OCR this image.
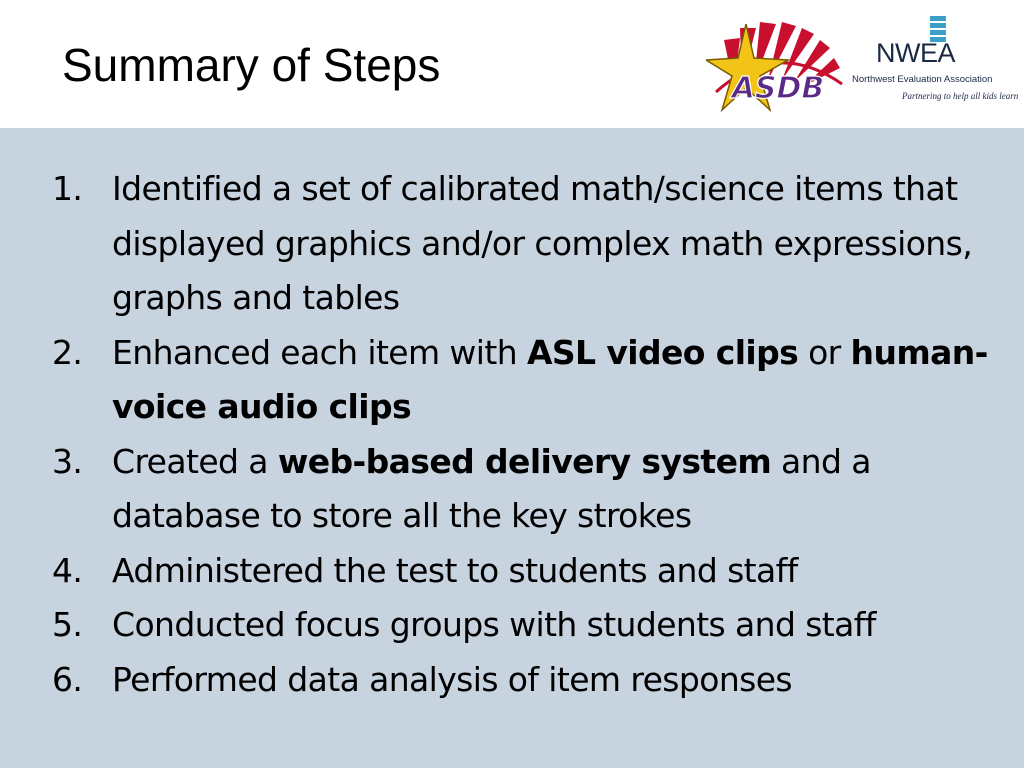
Summary of Steps	ASDB
NWEA
Northwest Evaluation Association
Partnering to help all kids learn
1. Identified a set of calibrated math/science items that displayed graphics and/or complex math expressions, graphs and tables
2. Enhanced each item with ASL video clips or human-voice audio clips
3. Created a web-based delivery system and a database to store all the key strokes
4. Administered the test to students and staff
5. Conducted focus groups with students and staff
6. Performed data analysis of item responses
